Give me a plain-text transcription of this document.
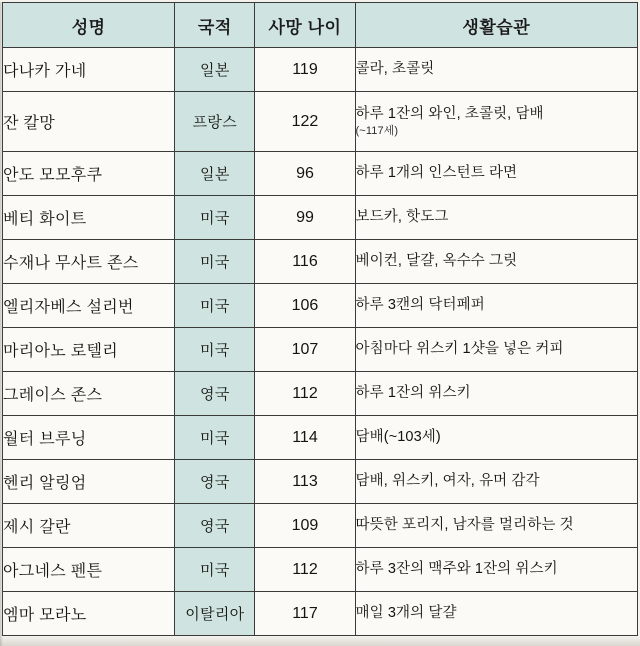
성명	국적	사망 나이	생활습관
다나카 가네	일본	119	콜라, 초콜릿
잔 칼망	프랑스	122	하루 1잔의 와인, 초콜릿, 담배
(~117세)

안도 모모후쿠	일본	96	하루 1개의 인스턴트 라면
베티 화이트	미국	99	보드카, 핫도그
수재나 무사트 존스	미국	116	베이컨, 달걀, 옥수수 그릿
엘리자베스 설리번	미국	106	하루 3캔의 닥터페퍼
마리아노 로텔리	미국	107	아침마다 위스키 1샷을 넣은 커피
그레이스 존스	영국	112	하루 1잔의 위스키
월터 브루닝	미국	114	담배(~103세)
헨리 알링엄	영국	113	담배, 위스키, 여자, 유머 감각
제시 갈란	영국	109	따뜻한 포리지, 남자를 멀리하는 것
아그네스 펜튼	미국	112	하루 3잔의 맥주와 1잔의 위스키
엠마 모라노	이탈리아	117	매일 3개의 달걀
